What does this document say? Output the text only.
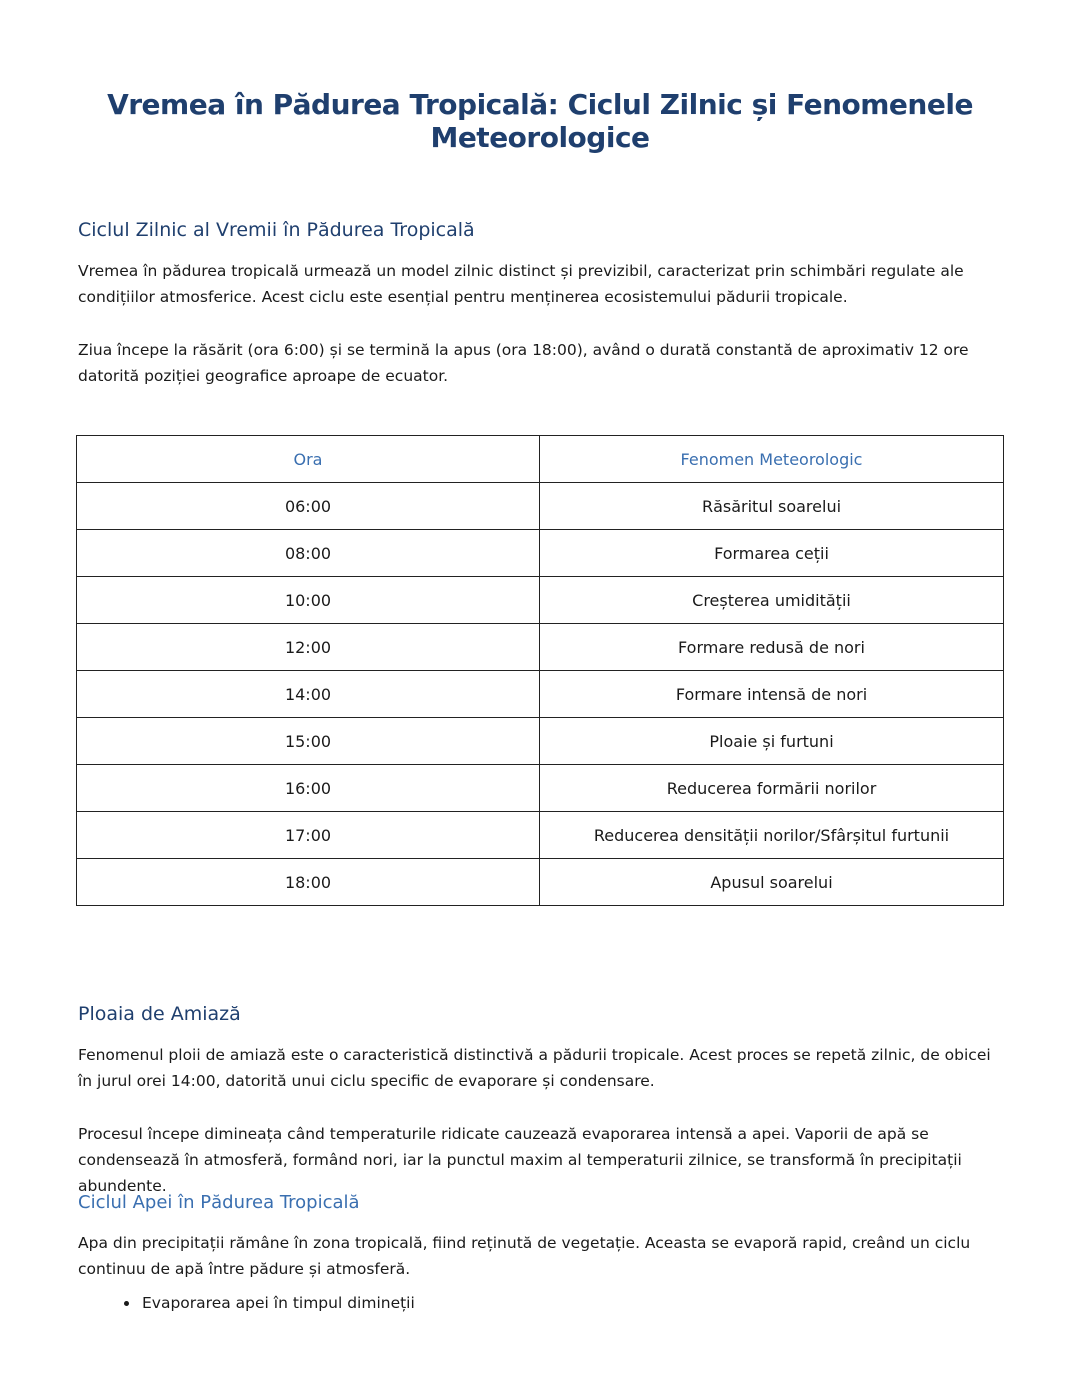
Vremea în Pădurea Tropicală: Ciclul Zilnic și Fenomenele Meteorologice
Ciclul Zilnic al Vremii în Pădurea Tropicală

Vremea în pădurea tropicală urmează un model zilnic distinct și previzibil, caracterizat prin schimbări regulate ale condițiilor atmosferice. Acest ciclu este esențial pentru menținerea ecosistemului pădurii tropicale.

Ziua începe la răsărit (ora 6:00) și se termină la apus (ora 18:00), având o durată constantă de aproximativ 12 ore datorită poziției geografice aproape de ecuator.

Ora	Fenomen Meteorologic
06:00	Răsăritul soarelui
08:00	Formarea ceții
10:00	Creșterea umidității
12:00	Formare redusă de nori
14:00	Formare intensă de nori
15:00	Ploaie și furtuni
16:00	Reducerea formării norilor
17:00	Reducerea densității norilor/Sfârșitul furtunii
18:00	Apusul soarelui
Ploaia de Amiază

Fenomenul ploii de amiază este o caracteristică distinctivă a pădurii tropicale. Acest proces se repetă zilnic, de obicei în jurul orei 14:00, datorită unui ciclu specific de evaporare și condensare.

Procesul începe dimineața când temperaturile ridicate cauzează evaporarea intensă a apei. Vaporii de apă se condensează în atmosferă, formând nori, iar la punctul maxim al temperaturii zilnice, se transformă în precipitații abundente.

Ciclul Apei în Pădurea Tropicală

Apa din precipitații rămâne în zona tropicală, fiind reținută de vegetație. Aceasta se evaporă rapid, creând un ciclu continuu de apă între pădure și atmosferă.

• Evaporarea apei în timpul dimineții
